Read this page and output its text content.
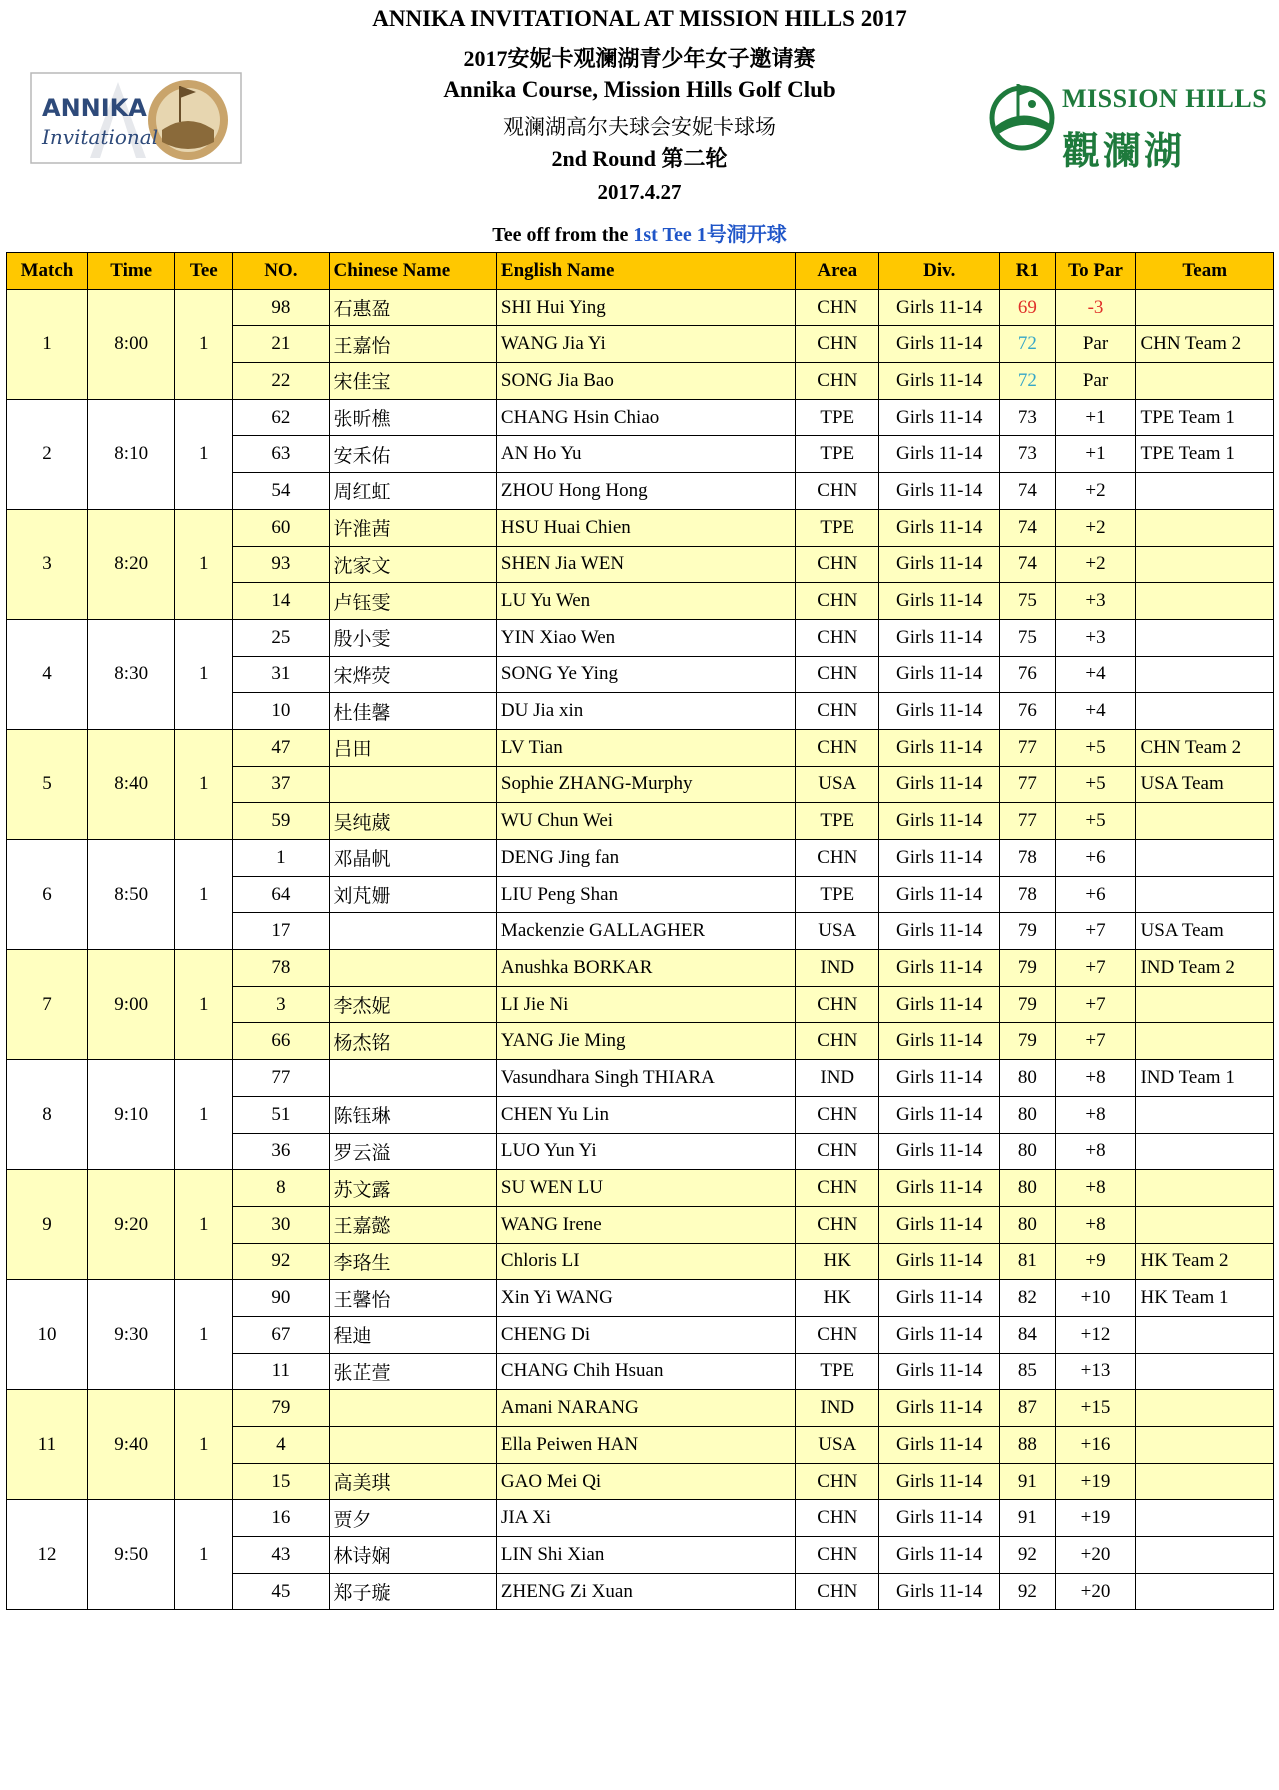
ANNIKA INVITATIONAL AT MISSION HILLS 2017
2017安妮卡观澜湖青少年女子邀请赛
Annika Course, Mission Hills Golf Club
观澜湖高尔夫球会安妮卡球场
2nd Round 第二轮
2017.4.27
Tee off from the 1st Tee 1号洞开球
ANNIKA
Invitational
MISSION HILLS
觀瀾湖
Match	Time	Tee	NO.	Chinese Name	English Name	Area	Div.	R1	To Par	Team
1	8:00	1	98	石惠盈	SHI Hui Ying	CHN	Girls 11-14	69	-3	
			21	王嘉怡	WANG Jia Yi	CHN	Girls 11-14	72	Par	CHN Team 2
			22	宋佳宝	SONG Jia Bao	CHN	Girls 11-14	72	Par	
2	8:10	1	62	张昕樵	CHANG Hsin Chiao	TPE	Girls 11-14	73	+1	TPE Team 1
			63	安禾佑	AN Ho Yu	TPE	Girls 11-14	73	+1	TPE Team 1
			54	周红虹	ZHOU Hong Hong	CHN	Girls 11-14	74	+2	
3	8:20	1	60	许淮茜	HSU Huai Chien	TPE	Girls 11-14	74	+2	
			93	沈家文	SHEN Jia WEN	CHN	Girls 11-14	74	+2	
			14	卢钰雯	LU Yu Wen	CHN	Girls 11-14	75	+3	
4	8:30	1	25	殷小雯	YIN Xiao Wen	CHN	Girls 11-14	75	+3	
			31	宋烨荧	SONG Ye Ying	CHN	Girls 11-14	76	+4	
			10	杜佳馨	DU Jia xin	CHN	Girls 11-14	76	+4	
5	8:40	1	47	吕田	LV Tian	CHN	Girls 11-14	77	+5	CHN Team 2
			37		Sophie ZHANG-Murphy	USA	Girls 11-14	77	+5	USA Team
			59	吴纯葳	WU Chun Wei	TPE	Girls 11-14	77	+5	
6	8:50	1	1	邓晶帆	DENG Jing fan	CHN	Girls 11-14	78	+6	
			64	刘芃姗	LIU Peng Shan	TPE	Girls 11-14	78	+6	
			17		Mackenzie GALLAGHER	USA	Girls 11-14	79	+7	USA Team
7	9:00	1	78		Anushka BORKAR	IND	Girls 11-14	79	+7	IND Team 2
			3	李杰妮	LI Jie Ni	CHN	Girls 11-14	79	+7	
			66	杨杰铭	YANG Jie Ming	CHN	Girls 11-14	79	+7	
8	9:10	1	77		Vasundhara Singh THIARA	IND	Girls 11-14	80	+8	IND Team 1
			51	陈钰琳	CHEN Yu Lin	CHN	Girls 11-14	80	+8	
			36	罗云溢	LUO Yun Yi	CHN	Girls 11-14	80	+8	
9	9:20	1	8	苏文露	SU WEN LU	CHN	Girls 11-14	80	+8	
			30	王嘉懿	WANG Irene	CHN	Girls 11-14	80	+8	
			92	李珞生	Chloris LI	HK	Girls 11-14	81	+9	HK Team 2
10	9:30	1	90	王馨怡	Xin Yi WANG	HK	Girls 11-14	82	+10	HK Team 1
			67	程迪	CHENG Di	CHN	Girls 11-14	84	+12	
			11	张芷萱	CHANG Chih Hsuan	TPE	Girls 11-14	85	+13	
11	9:40	1	79		Amani NARANG	IND	Girls 11-14	87	+15	
			4		Ella Peiwen HAN	USA	Girls 11-14	88	+16	
			15	高美琪	GAO Mei Qi	CHN	Girls 11-14	91	+19	
12	9:50	1	16	贾夕	JIA Xi	CHN	Girls 11-14	91	+19	
			43	林诗娴	LIN Shi Xian	CHN	Girls 11-14	92	+20	
			45	郑子璇	ZHENG Zi Xuan	CHN	Girls 11-14	92	+20	
